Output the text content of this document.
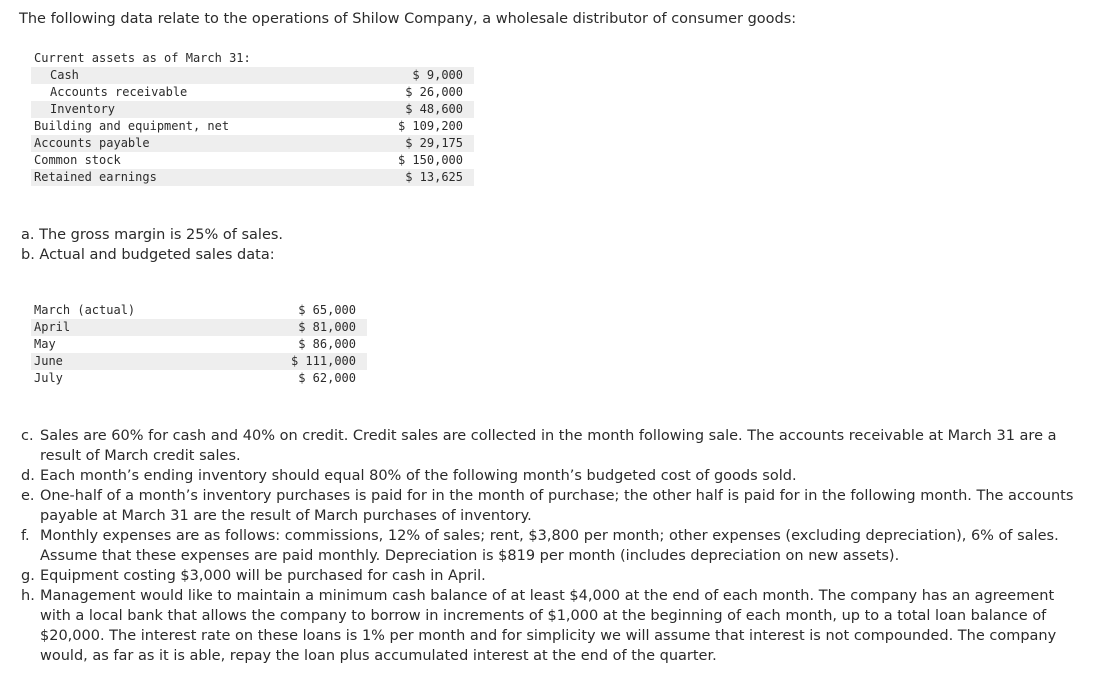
The following data relate to the operations of Shilow Company, a wholesale distributor of consumer goods:
Current assets as of March 31:	
Cash	$ 9,000
Accounts receivable	$ 26,000
Inventory	$ 48,600
Building and equipment, net	$ 109,200
Accounts payable	$ 29,175
Common stock	$ 150,000
Retained earnings	$ 13,625
a. The gross margin is 25% of sales.
b. Actual and budgeted sales data:
March (actual)	$ 65,000
April	$ 81,000
May	$ 86,000
June	$ 111,000
July	$ 62,000
c. Sales are 60% for cash and 40% on credit. Credit sales are collected in the month following sale. The accounts receivable at March 31 are a result of March credit sales.
d. Each month’s ending inventory should equal 80% of the following month’s budgeted cost of goods sold.
e. One-half of a month’s inventory purchases is paid for in the month of purchase; the other half is paid for in the following month. The accounts payable at March 31 are the result of March purchases of inventory.
f. Monthly expenses are as follows: commissions, 12% of sales; rent, $3,800 per month; other expenses (excluding depreciation), 6% of sales. Assume that these expenses are paid monthly. Depreciation is $819 per month (includes depreciation on new assets).
g. Equipment costing $3,000 will be purchased for cash in April.
h. Management would like to maintain a minimum cash balance of at least $4,000 at the end of each month. The company has an agreement with a local bank that allows the company to borrow in increments of $1,000 at the beginning of each month, up to a total loan balance of $20,000. The interest rate on these loans is 1% per month and for simplicity we will assume that interest is not compounded. The company would, as far as it is able, repay the loan plus accumulated interest at the end of the quarter.
